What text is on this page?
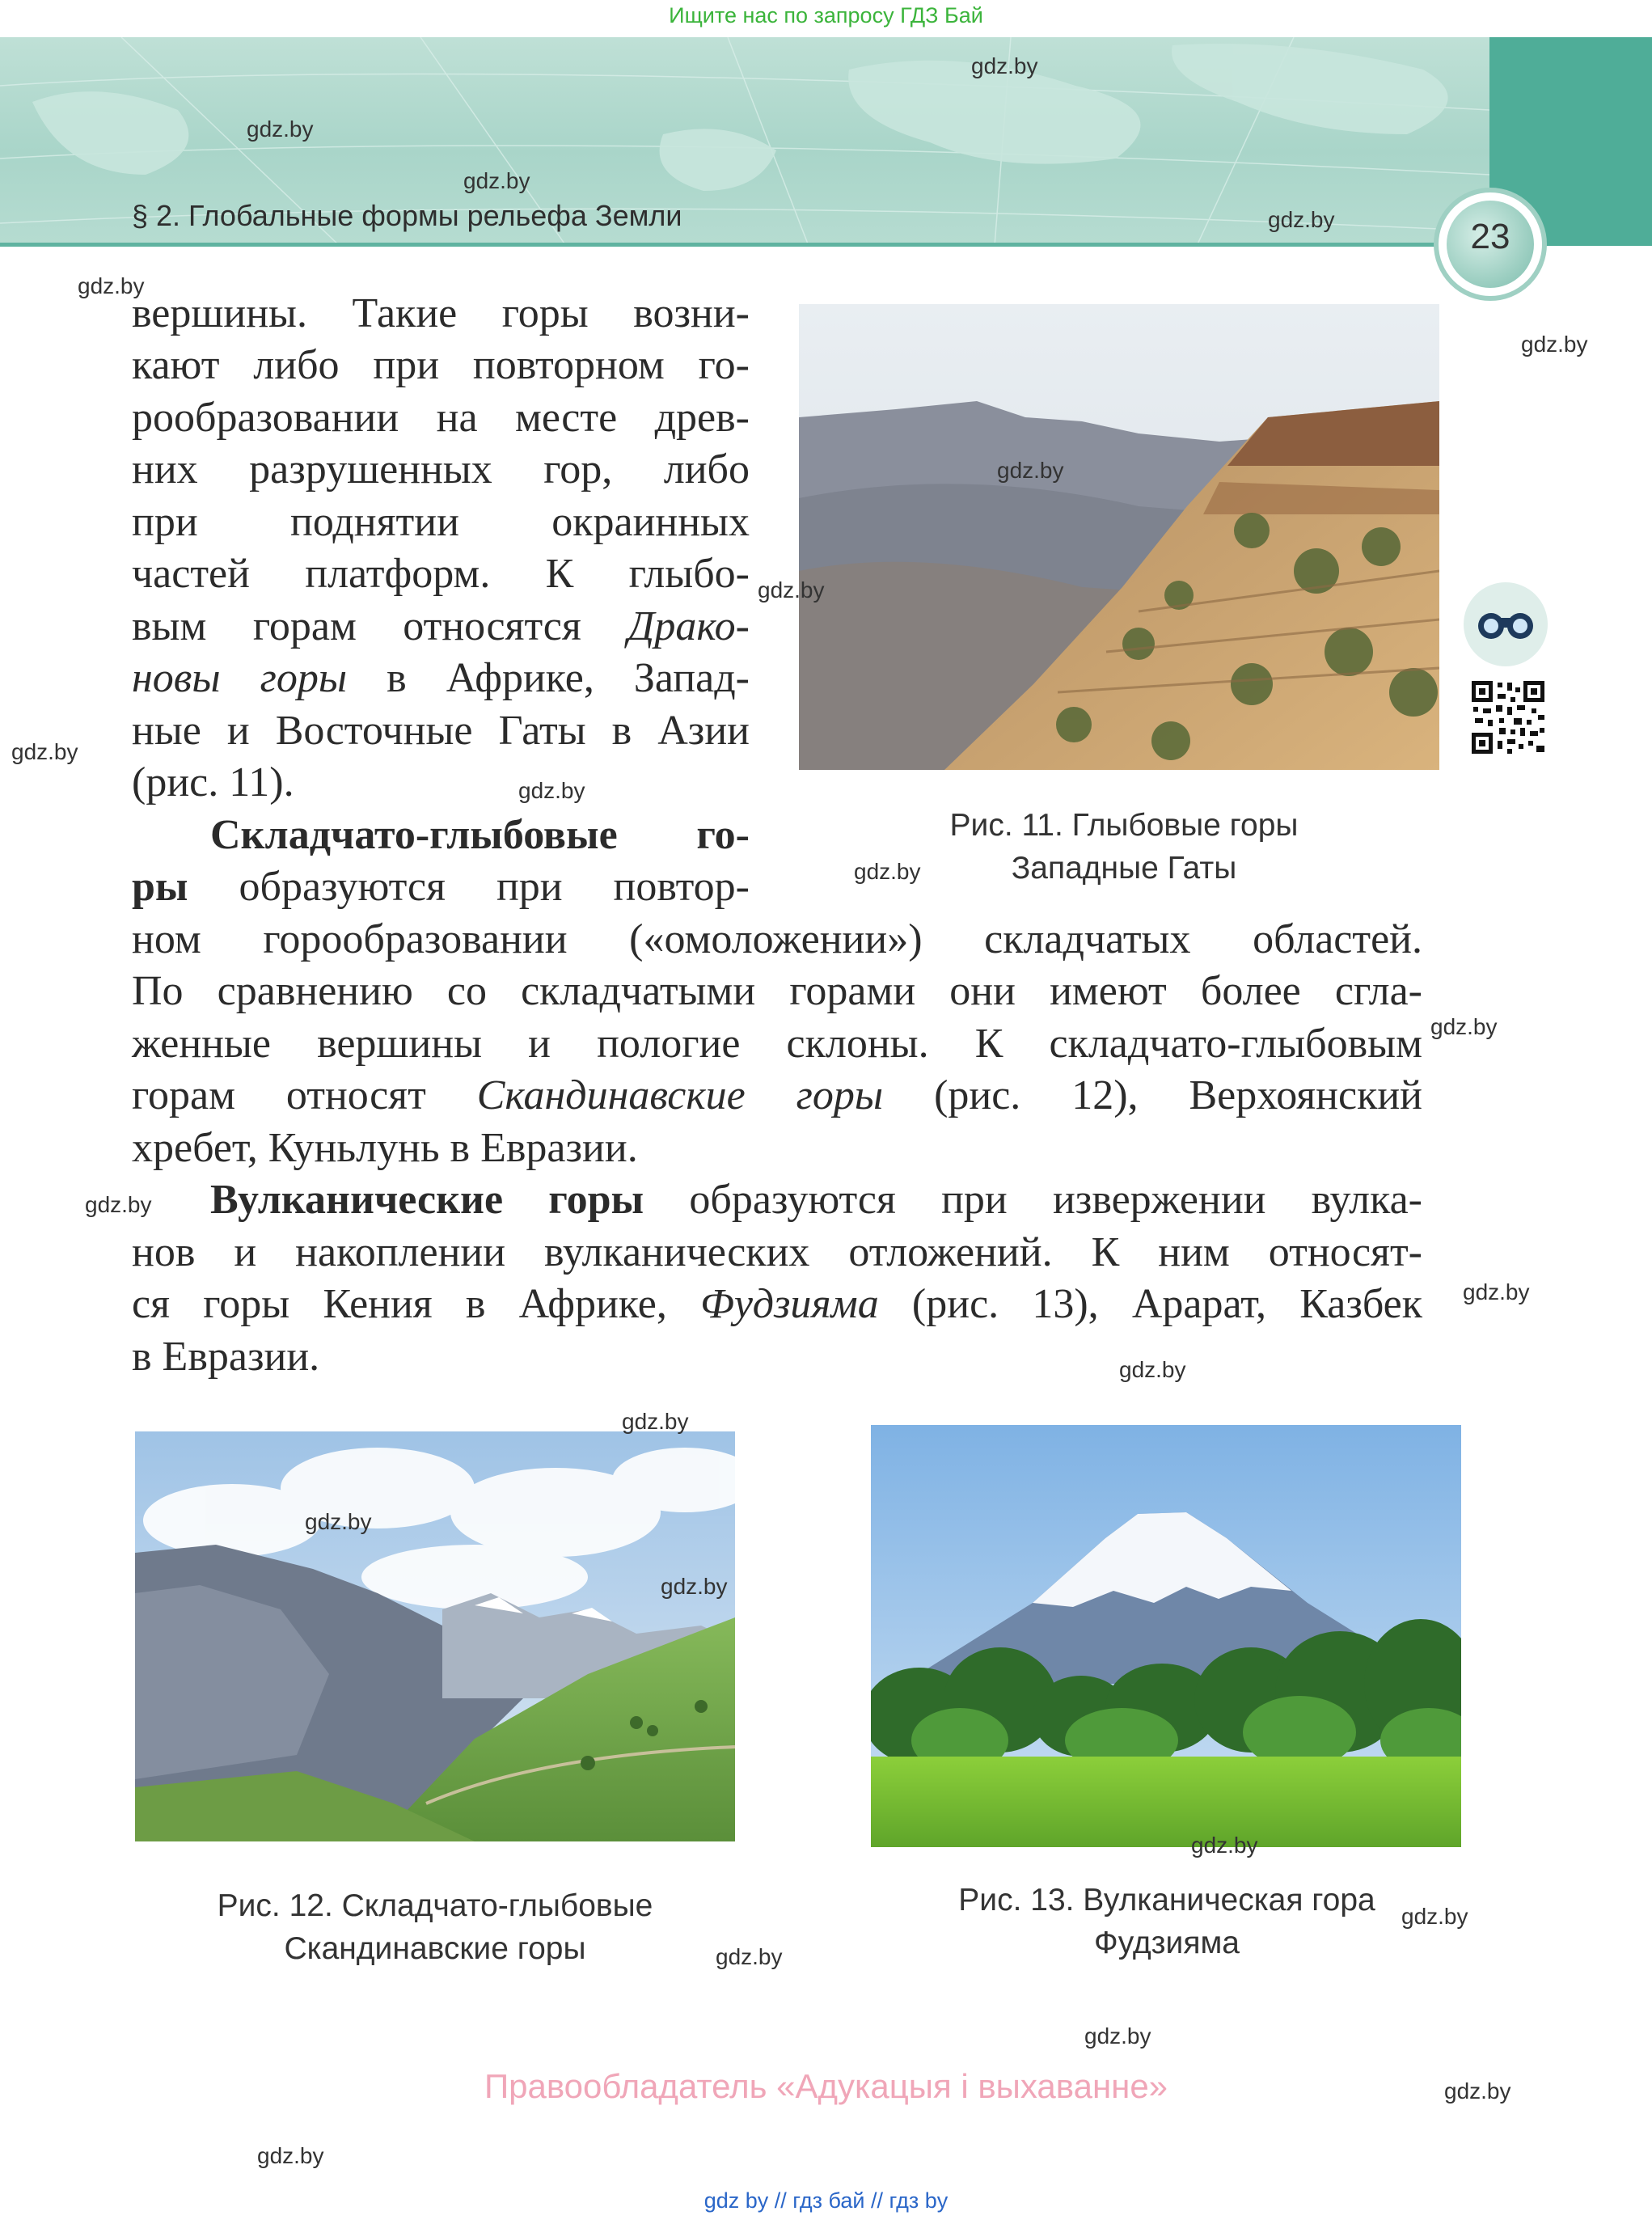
Ищите нас по запросу ГДЗ Бай
§ 2. Глобальные формы рельефа Земли
23
Рис. 11. Глыбовые горы
Западные Гаты
вершины. Такие горы возни-
кают либо при повторном го-
рообразовании на месте древ-
них разрушенных гор, либо
при поднятии окраинных
частей платформ. К глыбо-
вым горам относятся Драко-
новы горы в Африке, Запад-
ные и Восточные Гаты в Азии
(рис. 11).
Складчато-глыбовые го-
ры образуются при повтор-
ном горообразовании («омоложении») складчатых областей.
По сравнению со складчатыми горами они имеют более сгла-
женные вершины и пологие склоны. К складчато-глыбовым
горам относят Скандинавские горы (рис. 12), Верхоянский
хребет, Куньлунь в Евразии.
Вулканические горы образуются при извержении вулка-
нов и накоплении вулканических отложений. К ним относят-
ся горы Кения в Африке, Фудзияма (рис. 13), Арарат, Казбек
в Евразии.
Рис. 12. Складчато-глыбовые
Скандинавские горы
Рис. 13. Вулканическая гора
Фудзияма
gdz.by
gdz.by
gdz.by
gdz.by
gdz.by
gdz.by
gdz.by
gdz.by
gdz.by
gdz.by
gdz.by
gdz.by
gdz.by
gdz.by
gdz.by
gdz.by
gdz.by
gdz.by
gdz.by
gdz.by
gdz.by
gdz.by
gdz.by
gdz.by
Правообладатель «Адукацыя і выхаванне»
gdz by // гдз бай // гдз by
